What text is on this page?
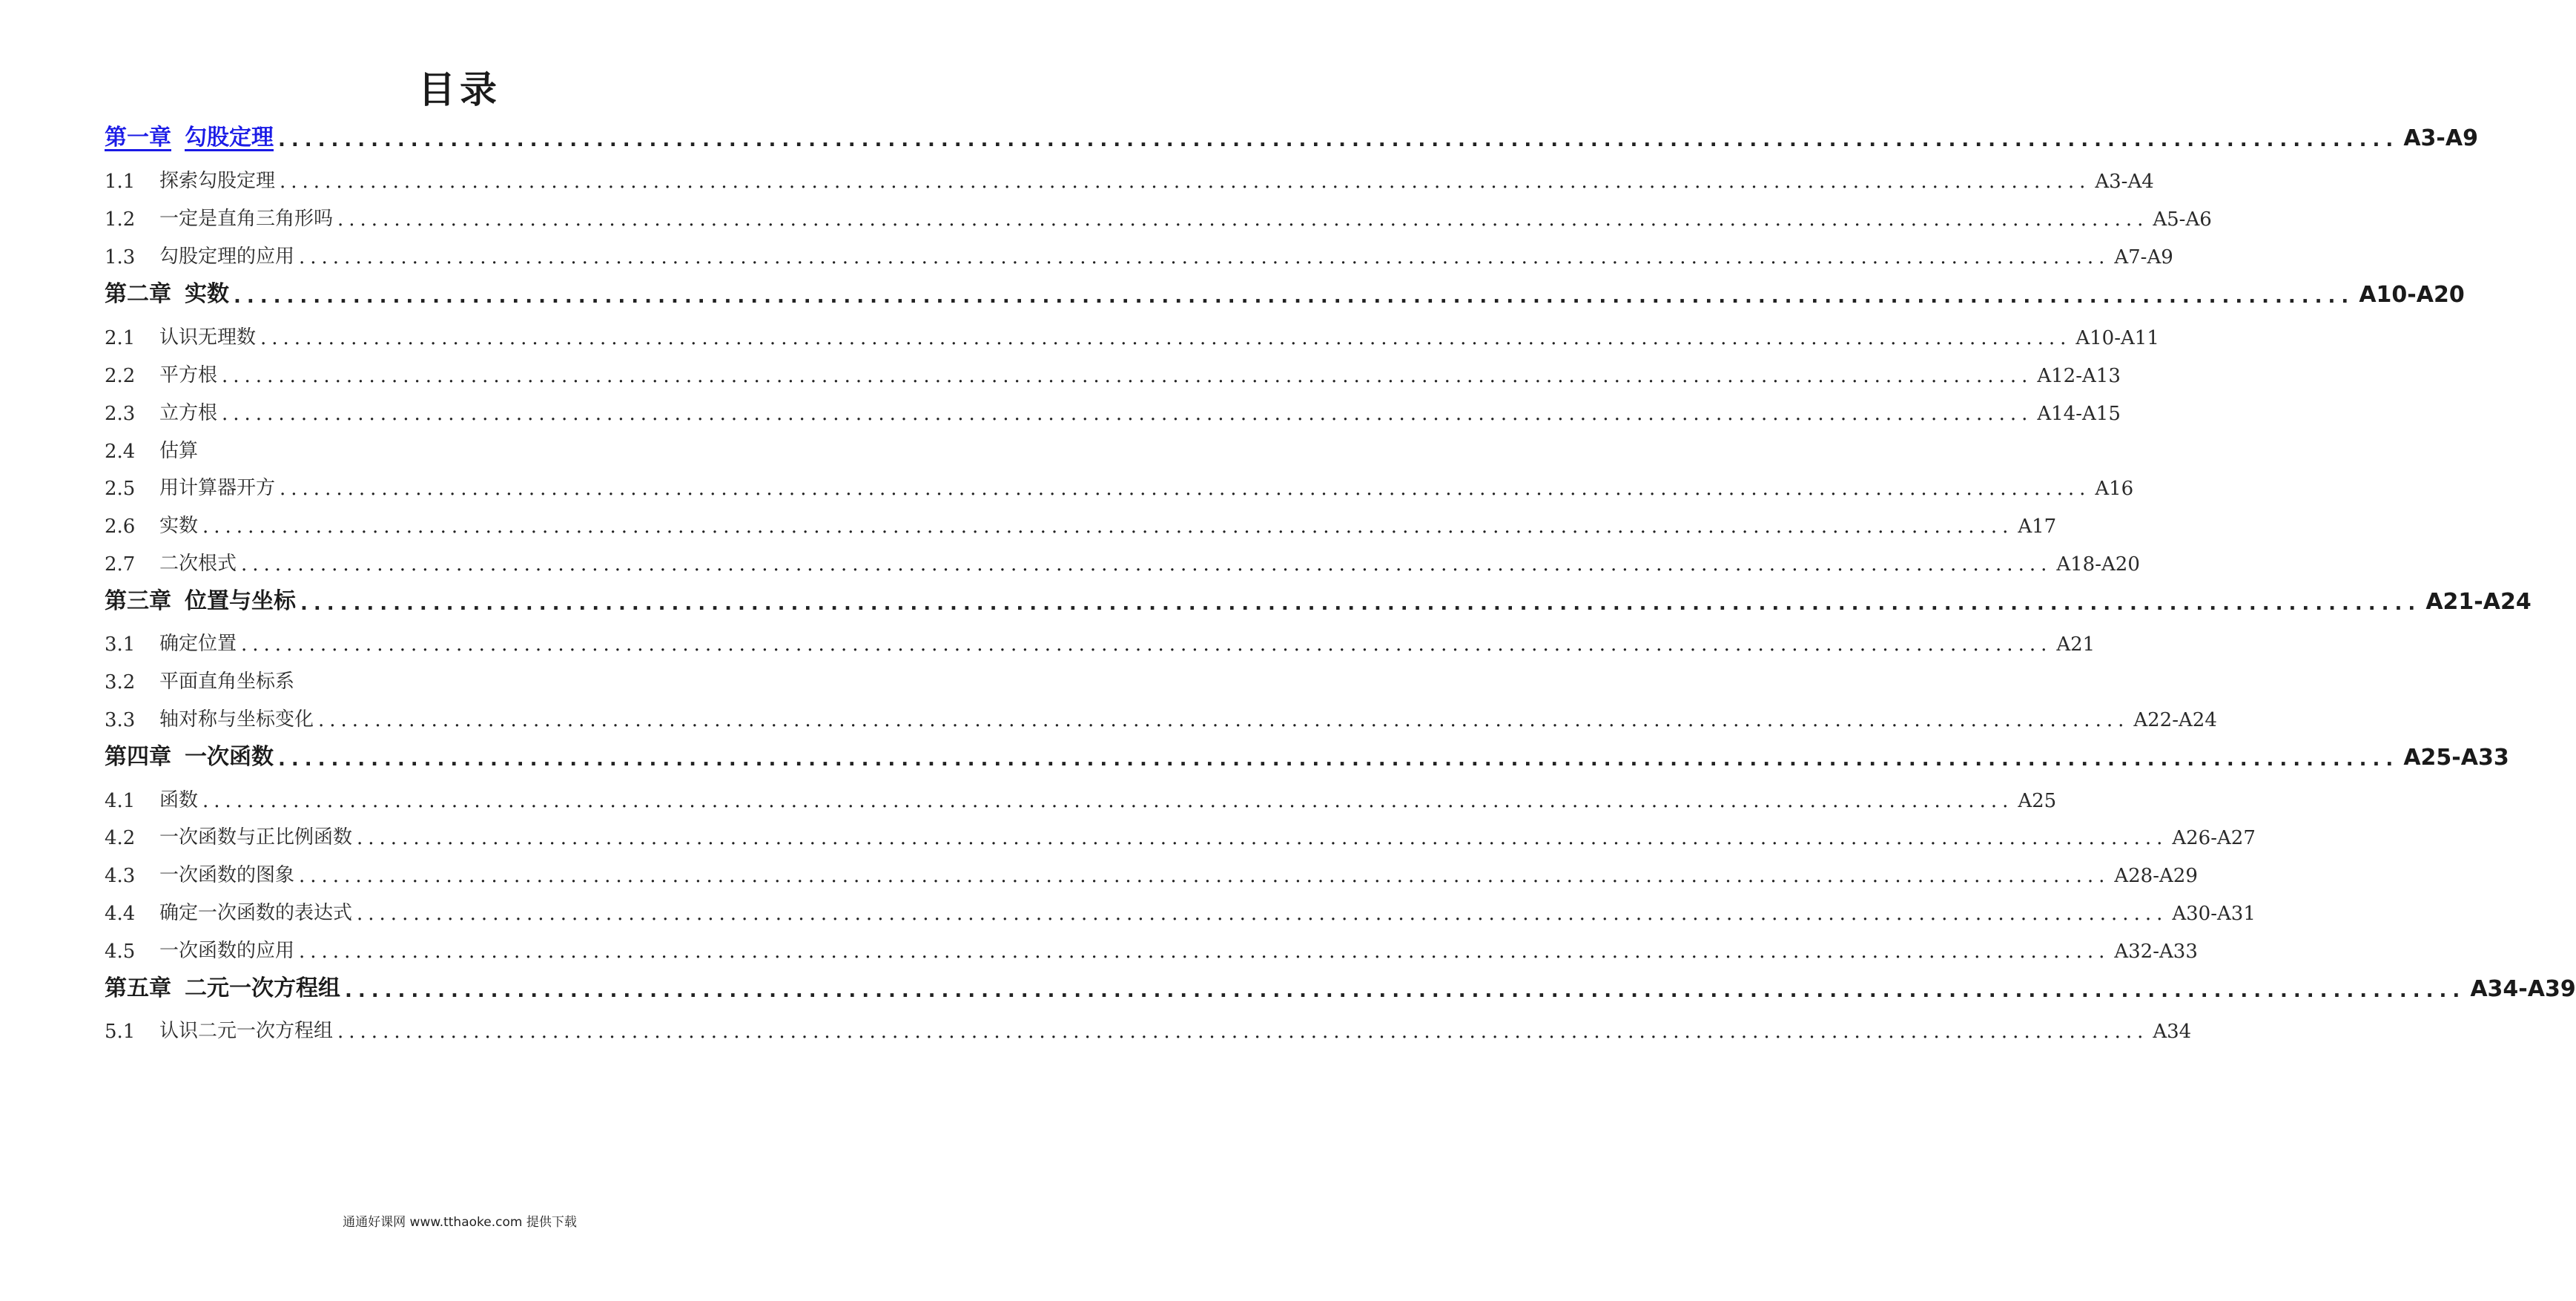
目录
第一章 勾股定理 ................................................................................................................................................................ A3-A9
1.1	探索勾股定理 ................................................................................................................................................................ A3-A4
1.2	一定是直角三角形吗 ................................................................................................................................................................ A5-A6
1.3	勾股定理的应用 ................................................................................................................................................................ A7-A9
第二章 实数 ................................................................................................................................................................ A10-A20
2.1	认识无理数 ................................................................................................................................................................ A10-A11
2.2	平方根 ................................................................................................................................................................ A12-A13
2.3	立方根 ................................................................................................................................................................ A14-A15
2.4	估算
2.5	用计算器开方 ................................................................................................................................................................ A16
2.6	实数 ................................................................................................................................................................ A17
2.7	二次根式 ................................................................................................................................................................ A18-A20
第三章 位置与坐标 ................................................................................................................................................................ A21-A24
3.1	确定位置 ................................................................................................................................................................ A21
3.2	平面直角坐标系
3.3	轴对称与坐标变化 ................................................................................................................................................................ A22-A24
第四章 一次函数 ................................................................................................................................................................ A25-A33
4.1	函数 ................................................................................................................................................................ A25
4.2	一次函数与正比例函数 ................................................................................................................................................................ A26-A27
4.3	一次函数的图象 ................................................................................................................................................................ A28-A29
4.4	确定一次函数的表达式 ................................................................................................................................................................ A30-A31
4.5	一次函数的应用 ................................................................................................................................................................ A32-A33
第五章 二元一次方程组 ................................................................................................................................................................ A34-A39
5.1	认识二元一次方程组 ................................................................................................................................................................ A34
通通好课网 www.tthaoke.com 提供下载
